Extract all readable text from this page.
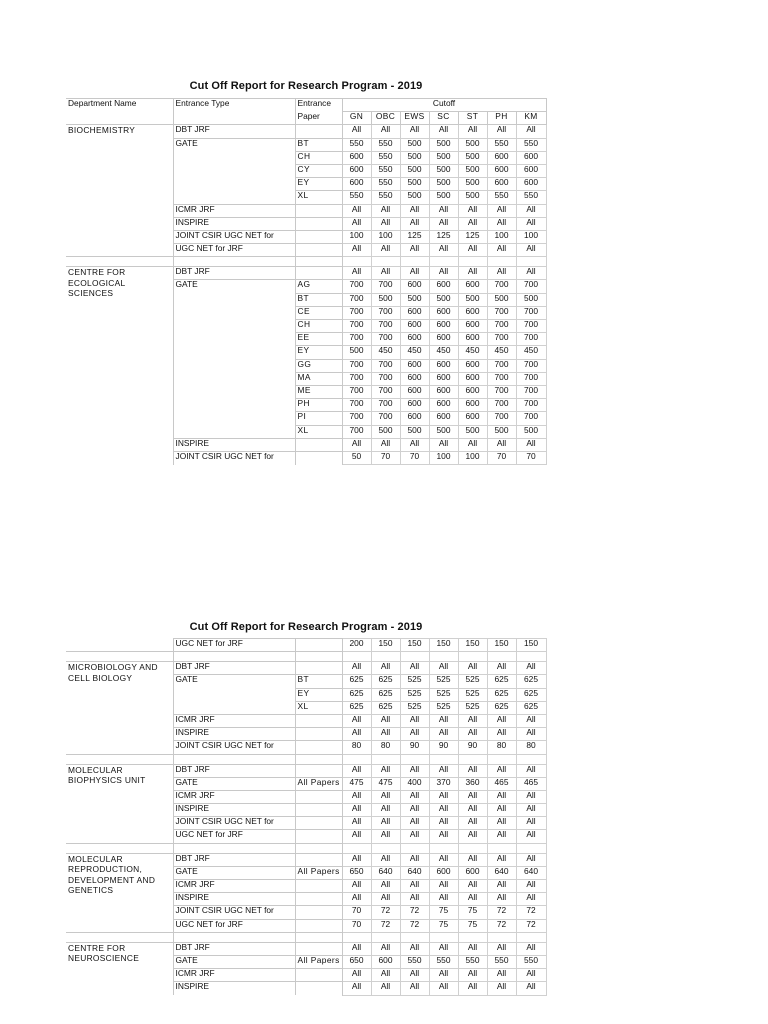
Cut Off Report for Research Program - 2019
Department Name	Entrance Type	Entrance	Cutoff						
		Paper	GN	OBC	EWS	SC	ST	PH	KM
BIOCHEMISTRY	DBT JRF		All	All	All	All	All	All	All
	GATE	BT	550	550	500	500	500	550	550
		CH	600	550	500	500	500	600	600
		CY	600	550	500	500	500	600	600
		EY	600	550	500	500	500	600	600
		XL	550	550	500	500	500	550	550
	ICMR JRF		All	All	All	All	All	All	All
	INSPIRE		All	All	All	All	All	All	All
	JOINT CSIR UGC NET for		100	100	125	125	125	100	100
	UGC NET for JRF		All	All	All	All	All	All	All

CENTRE FOR ECOLOGICAL SCIENCES	DBT JRF		All	All	All	All	All	All	All
	GATE	AG	700	700	600	600	600	700	700
		BT	700	500	500	500	500	500	500
		CE	700	700	600	600	600	700	700
		CH	700	700	600	600	600	700	700
		EE	700	700	600	600	600	700	700
		EY	500	450	450	450	450	450	450
		GG	700	700	600	600	600	700	700
		MA	700	700	600	600	600	700	700
		ME	700	700	600	600	600	700	700
		PH	700	700	600	600	600	700	700
		PI	700	700	600	600	600	700	700
		XL	700	500	500	500	500	500	500
	INSPIRE		All	All	All	All	All	All	All
	JOINT CSIR UGC NET for		50	70	70	100	100	70	70
Cut Off Report for Research Program - 2019
	UGC NET for JRF		200	150	150	150	150	150	150

MICROBIOLOGY AND CELL BIOLOGY	DBT JRF		All	All	All	All	All	All	All
	GATE	BT	625	625	525	525	525	625	625
		EY	625	625	525	525	525	625	625
		XL	625	625	525	525	525	625	625
	ICMR JRF		All	All	All	All	All	All	All
	INSPIRE		All	All	All	All	All	All	All
	JOINT CSIR UGC NET for		80	80	90	90	90	80	80

MOLECULAR BIOPHYSICS UNIT	DBT JRF		All	All	All	All	All	All	All
	GATE	All Papers	475	475	400	370	360	465	465
	ICMR JRF		All	All	All	All	All	All	All
	INSPIRE		All	All	All	All	All	All	All
	JOINT CSIR UGC NET for		All	All	All	All	All	All	All
	UGC NET for JRF		All	All	All	All	All	All	All

MOLECULAR REPRODUCTION, DEVELOPMENT AND GENETICS	DBT JRF		All	All	All	All	All	All	All
	GATE	All Papers	650	640	640	600	600	640	640
	ICMR JRF		All	All	All	All	All	All	All
	INSPIRE		All	All	All	All	All	All	All
	JOINT CSIR UGC NET for		70	72	72	75	75	72	72
	UGC NET for JRF		70	72	72	75	75	72	72

CENTRE FOR NEUROSCIENCE	DBT JRF		All	All	All	All	All	All	All
	GATE	All Papers	650	600	550	550	550	550	550
	ICMR JRF		All	All	All	All	All	All	All
	INSPIRE		All	All	All	All	All	All	All
